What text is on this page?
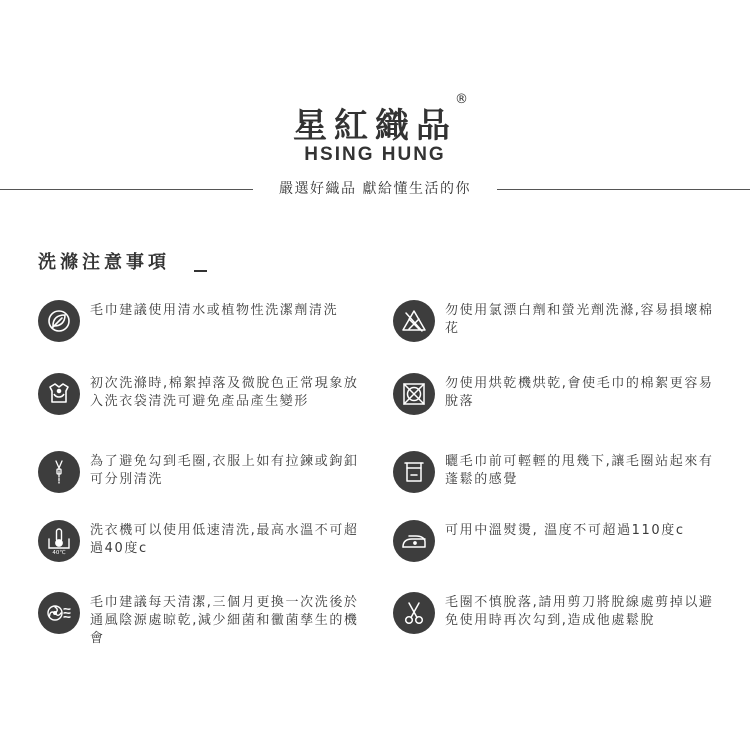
星紅織品
®
HSING HUNG
嚴選好織品 獻給懂生活的你
洗滌注意事項
毛巾建議使用清水或植物性洗潔劑清洗
初次洗滌時,棉絮掉落及微脫色正常現象放入洗衣袋清洗可避免產品產生變形
為了避免勾到毛圈,衣服上如有拉鍊或鉤釦可分別清洗
40℃
洗衣機可以使用低速清洗,最高水溫不可超過40度c
毛巾建議每天清潔,三個月更換一次洗後於通風陰源處晾乾,減少細菌和黴菌孳生的機會
勿使用氯漂白劑和螢光劑洗滌,容易損壞棉花
勿使用烘乾機烘乾,會使毛巾的棉絮更容易脫落
曬毛巾前可輕輕的甩幾下,讓毛圈站起來有蓬鬆的感覺
可用中溫熨燙, 溫度不可超過110度c
毛圈不慎脫落,請用剪刀將脫線處剪掉以避免使用時再次勾到,造成他處鬆脫
